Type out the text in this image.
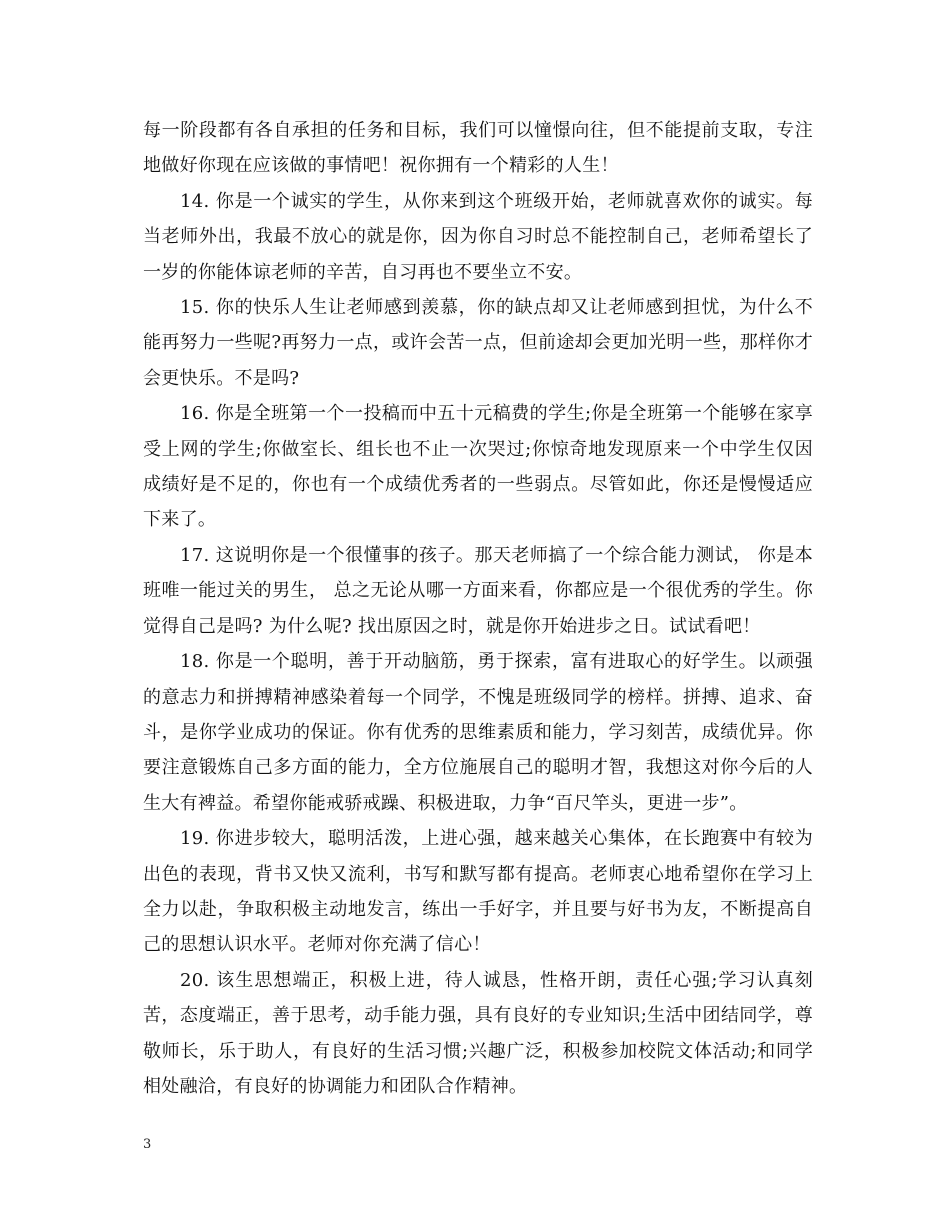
每一阶段都有各自承担的任务和目标，我们可以憧憬向往，但不能提前支取，专注地做好你现在应该做的事情吧！祝你拥有一个精彩的人生！

14. 你是一个诚实的学生，从你来到这个班级开始，老师就喜欢你的诚实。每当老师外出，我最不放心的就是你，因为你自习时总不能控制自己，老师希望长了一岁的你能体谅老师的辛苦，自习再也不要坐立不安。

15. 你的快乐人生让老师感到羡慕，你的缺点却又让老师感到担忧，为什么不能再努力一些呢?再努力一点，或许会苦一点，但前途却会更加光明一些，那样你才会更快乐。不是吗?

16. 你是全班第一个一投稿而中五十元稿费的学生;你是全班第一个能够在家享受上网的学生;你做室长、组长也不止一次哭过;你惊奇地发现原来一个中学生仅因成绩好是不足的，你也有一个成绩优秀者的一些弱点。尽管如此，你还是慢慢适应下来了。

17. 这说明你是一个很懂事的孩子。那天老师搞了一个综合能力测试， 你是本班唯一能过关的男生， 总之无论从哪一方面来看，你都应是一个很优秀的学生。你觉得自己是吗? 为什么呢? 找出原因之时，就是你开始进步之日。试试看吧！

18. 你是一个聪明，善于开动脑筋，勇于探索，富有进取心的好学生。以顽强的意志力和拼搏精神感染着每一个同学，不愧是班级同学的榜样。拼搏、追求、奋斗，是你学业成功的保证。你有优秀的思维素质和能力，学习刻苦，成绩优异。你要注意锻炼自己多方面的能力，全方位施展自己的聪明才智，我想这对你今后的人生大有裨益。希望你能戒骄戒躁、积极进取，力争“百尺竿头，更进一步”。

19. 你进步较大，聪明活泼，上进心强，越来越关心集体，在长跑赛中有较为出色的表现，背书又快又流利，书写和默写都有提高。老师衷心地希望你在学习上全力以赴，争取积极主动地发言，练出一手好字，并且要与好书为友，不断提高自己的思想认识水平。老师对你充满了信心！

20. 该生思想端正，积极上进，待人诚恳，性格开朗，责任心强;学习认真刻苦，态度端正，善于思考，动手能力强，具有良好的专业知识;生活中团结同学，尊敬师长，乐于助人，有良好的生活习惯;兴趣广泛，积极参加校院文体活动;和同学相处融洽，有良好的协调能力和团队合作精神。

3
